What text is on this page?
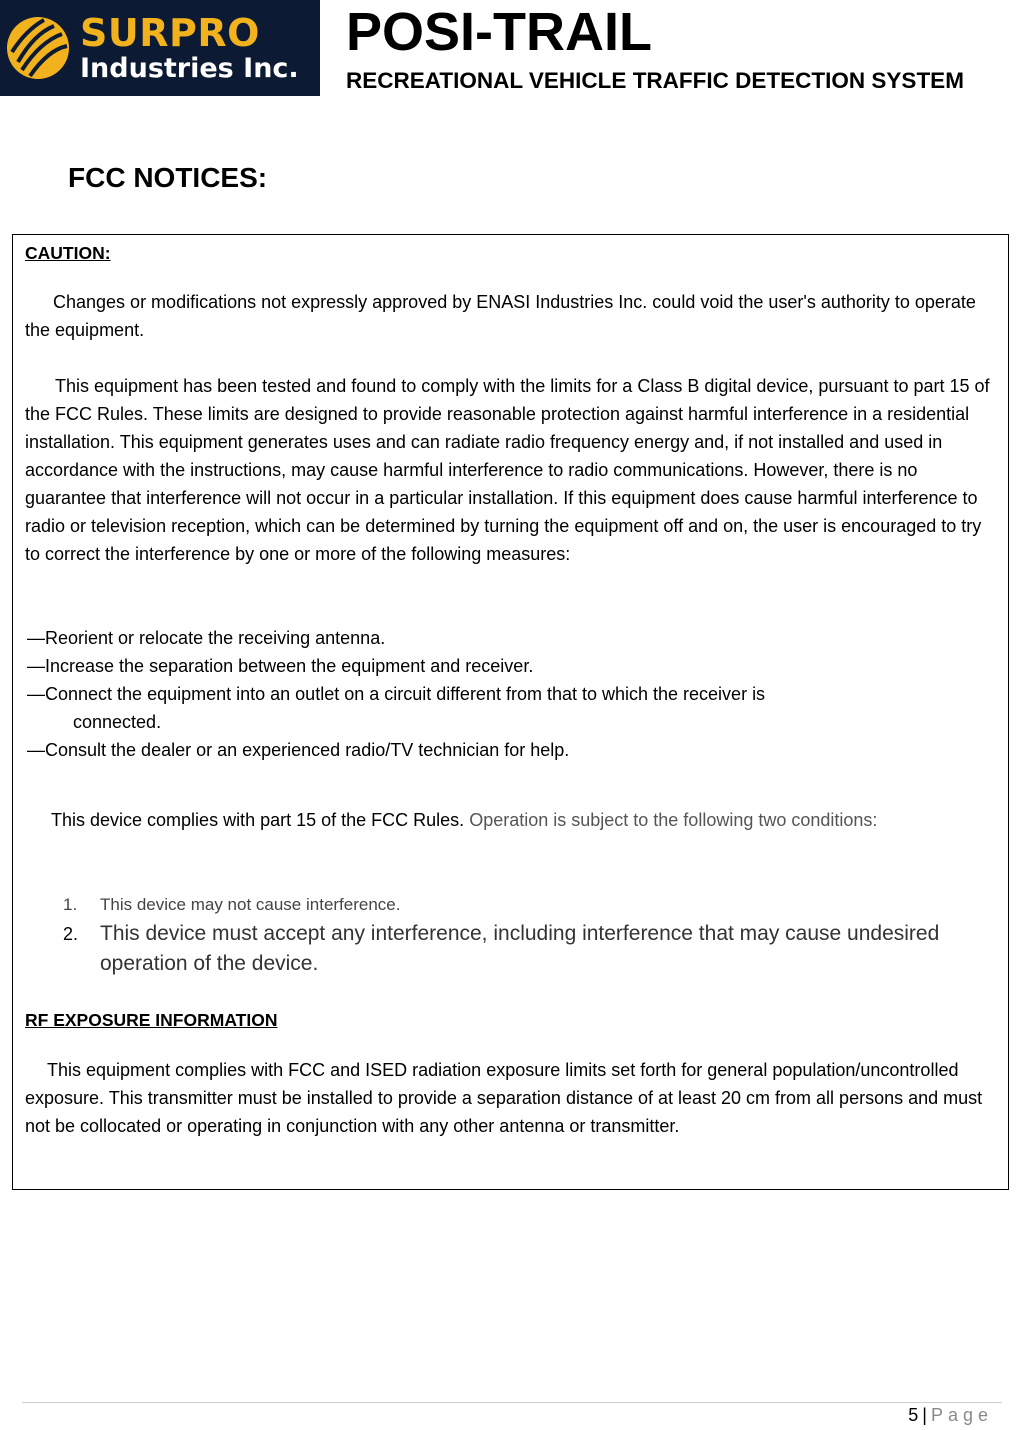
SURPRO
Industries Inc.
POSI-TRAIL

RECREATIONAL VEHICLE TRAFFIC DETECTION SYSTEM

FCC NOTICES:
CAUTION:

Changes or modifications not expressly approved by ENASI Industries Inc. could void the user's authority to operate the equipment.

This equipment has been tested and found to comply with the limits for a Class B digital device, pursuant to part 15 of the FCC Rules. These limits are designed to provide reasonable protection against harmful interference in a residential installation. This equipment generates uses and can radiate radio frequency energy and, if not installed and used in accordance with the instructions, may cause harmful interference to radio communications. However, there is no guarantee that interference will not occur in a particular installation. If this equipment does cause harmful interference to radio or television reception, which can be determined by turning the equipment off and on, the user is encouraged to try to correct the interference by one or more of the following measures:

—Reorient or relocate the receiving antenna.
—Increase the separation between the equipment and receiver.
—Connect the equipment into an outlet on a circuit different from that to which the receiver is
connected.
—Consult the dealer or an experienced radio/TV technician for help.

This device complies with part 15 of the FCC Rules. Operation is subject to the following two conditions:

1.	This device may not cause interference.
2.	This device must accept any interference, including interference that may cause undesired operation of the device.
RF EXPOSURE INFORMATION

This equipment complies with FCC and ISED radiation exposure limits set forth for general population/uncontrolled exposure. This transmitter must be installed to provide a separation distance of at least 20 cm from all persons and must not be collocated or operating in conjunction with any other antenna or transmitter.

5 | Page
